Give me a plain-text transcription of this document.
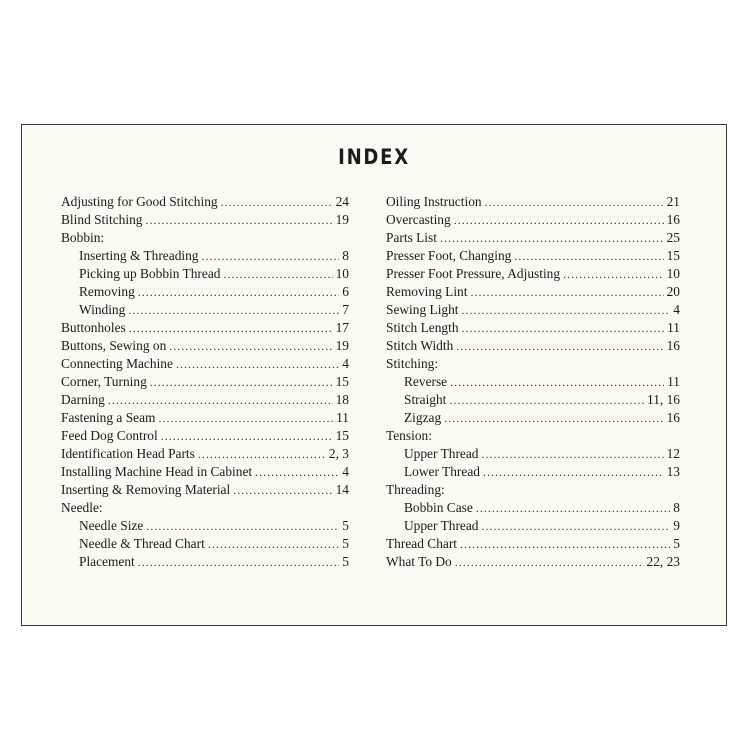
INDEX
Adjusting for Good Stitching .....	24
Blind Stitching .....	19
Bobbin:
Inserting & Threading .....	8
Picking up Bobbin Thread .....	10
Removing .....	6
Winding .....	7
Buttonholes .....	17
Buttons, Sewing on .....	19
Connecting Machine .....	4
Corner, Turning .....	15
Darning .....	18
Fastening a Seam .....	11
Feed Dog Control .....	15
Identification Head Parts .....	2, 3
Installing Machine Head in Cabinet .....	4
Inserting & Removing Material .....	14
Needle:
Needle Size .....	5
Needle & Thread Chart .....	5
Placement .....	5
Oiling Instruction .....	21
Overcasting .....	16
Parts List .....	25
Presser Foot, Changing .....	15
Presser Foot Pressure, Adjusting .....	10
Removing Lint .....	20
Sewing Light .....	4
Stitch Length .....	11
Stitch Width .....	16
Stitching:
Reverse .....	11
Straight .....	11, 16
Zigzag .....	16
Tension:
Upper Thread .....	12
Lower Thread .....	13
Threading:
Bobbin Case .....	8
Upper Thread .....	9
Thread Chart .....	5
What To Do .....	22, 23
